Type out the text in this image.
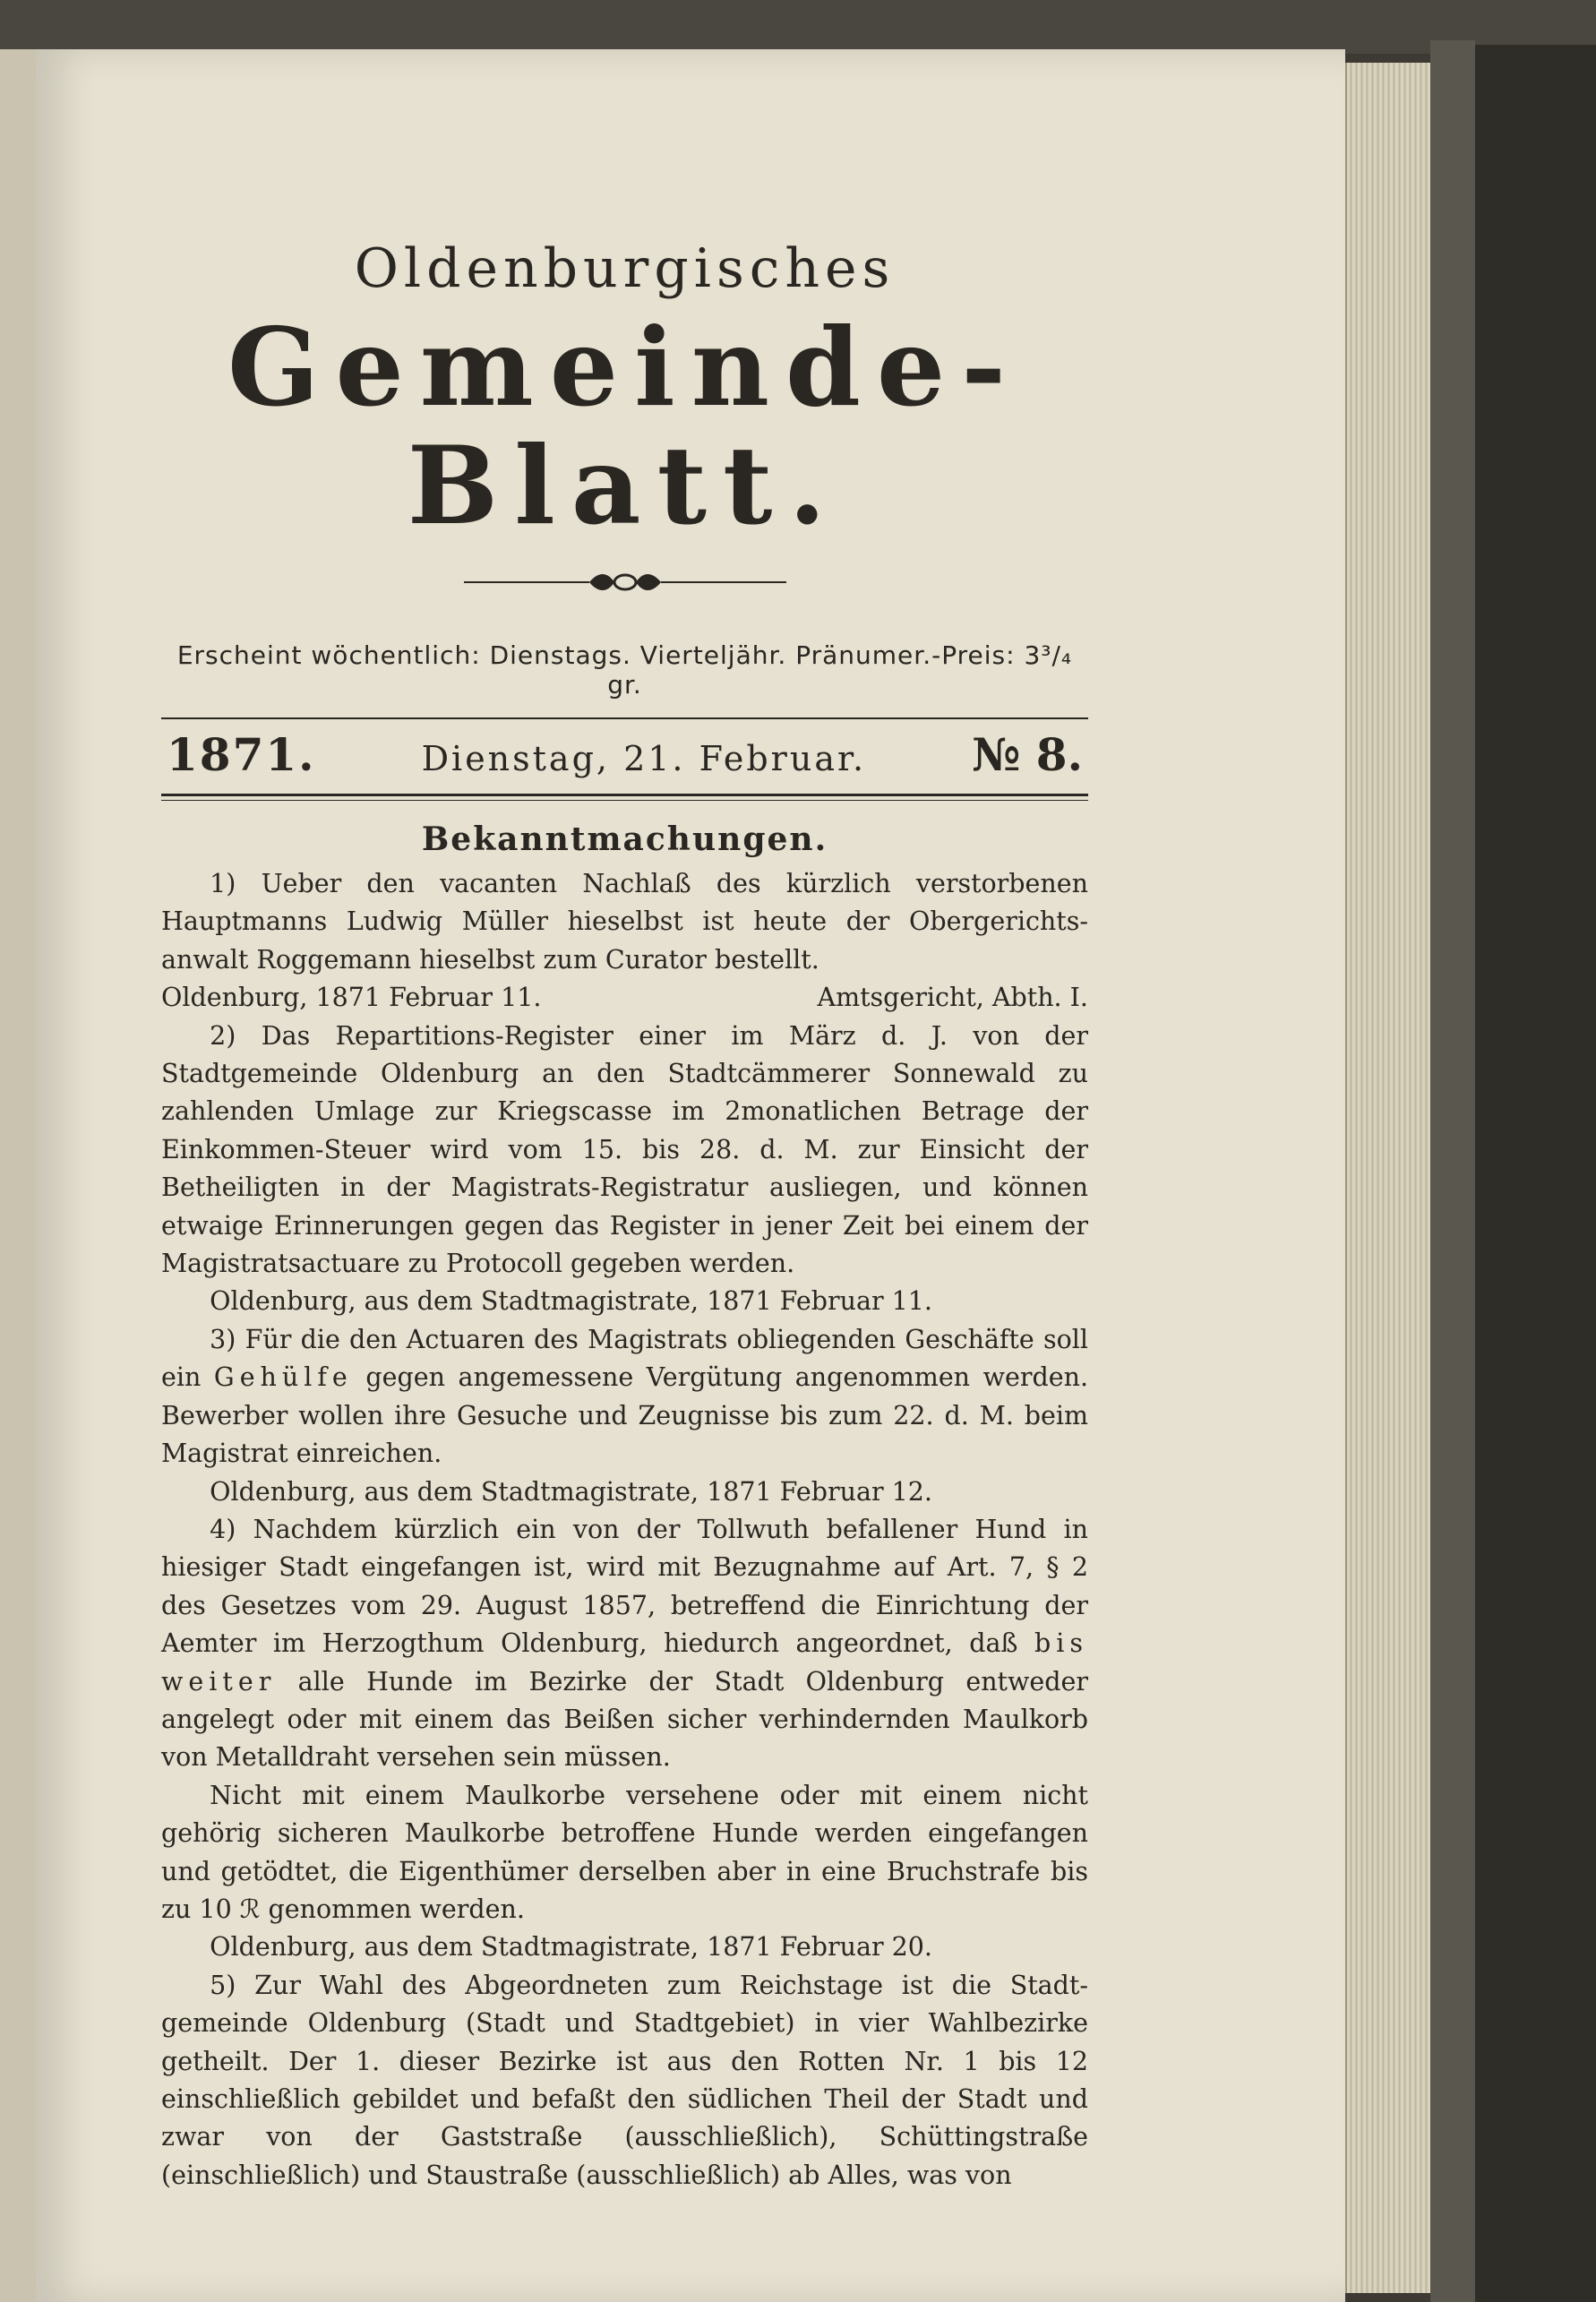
Oldenburgisches
Gemeinde-Blatt.
Erscheint wöchentlich: Dienstags. Vierteljähr. Pränumer.-Preis: 3³/₄ gr.
1871.	Dienstag, 21. Februar. № 8.
Bekanntmachungen.

1) Ueber den vacanten Nachlaß des kürzlich verstorbenen Hauptmanns Ludwig Müller hieselbst ist heute der Obergerichts-anwalt Roggemann hieselbst zum Curator bestellt.

Oldenburg, 1871 Februar 11.	Amtsgericht, Abth. I.

2) Das Repartitions-Register einer im März d. J. von der Stadtgemeinde Oldenburg an den Stadtcämmerer Sonnewald zu zahlenden Umlage zur Kriegscasse im 2monatlichen Betrage der Einkommen-Steuer wird vom 15. bis 28. d. M. zur Einsicht der Betheiligten in der Magistrats-Registratur ausliegen, und können etwaige Erinnerungen gegen das Register in jener Zeit bei einem der Magistratsactuare zu Protocoll gegeben werden.

Oldenburg, aus dem Stadtmagistrate, 1871 Februar 11.

3) Für die den Actuaren des Magistrats obliegenden Geschäfte soll ein Gehülfe gegen angemessene Vergütung angenommen werden. Bewerber wollen ihre Gesuche und Zeugnisse bis zum 22. d. M. beim Magistrat einreichen.

Oldenburg, aus dem Stadtmagistrate, 1871 Februar 12.

4) Nachdem kürzlich ein von der Tollwuth befallener Hund in hiesiger Stadt eingefangen ist, wird mit Bezugnahme auf Art. 7, § 2 des Gesetzes vom 29. August 1857, betreffend die Einrichtung der Aemter im Herzogthum Oldenburg, hiedurch angeordnet, daß bis weiter alle Hunde im Bezirke der Stadt Oldenburg entweder angelegt oder mit einem das Beißen sicher verhindernden Maulkorb von Metalldraht versehen sein müssen.

Nicht mit einem Maulkorbe versehene oder mit einem nicht gehörig sicheren Maulkorbe betroffene Hunde werden eingefangen und getödtet, die Eigenthümer derselben aber in eine Bruchstrafe bis zu 10 ℛ genommen werden.

Oldenburg, aus dem Stadtmagistrate, 1871 Februar 20.

5) Zur Wahl des Abgeordneten zum Reichstage ist die Stadt-gemeinde Oldenburg (Stadt und Stadtgebiet) in vier Wahlbezirke getheilt. Der 1. dieser Bezirke ist aus den Rotten Nr. 1 bis 12 einschließlich gebildet und befaßt den südlichen Theil der Stadt und zwar von der Gaststraße (ausschließlich), Schüttingstraße (einschließlich) und Staustraße (ausschließlich) ab Alles, was von
